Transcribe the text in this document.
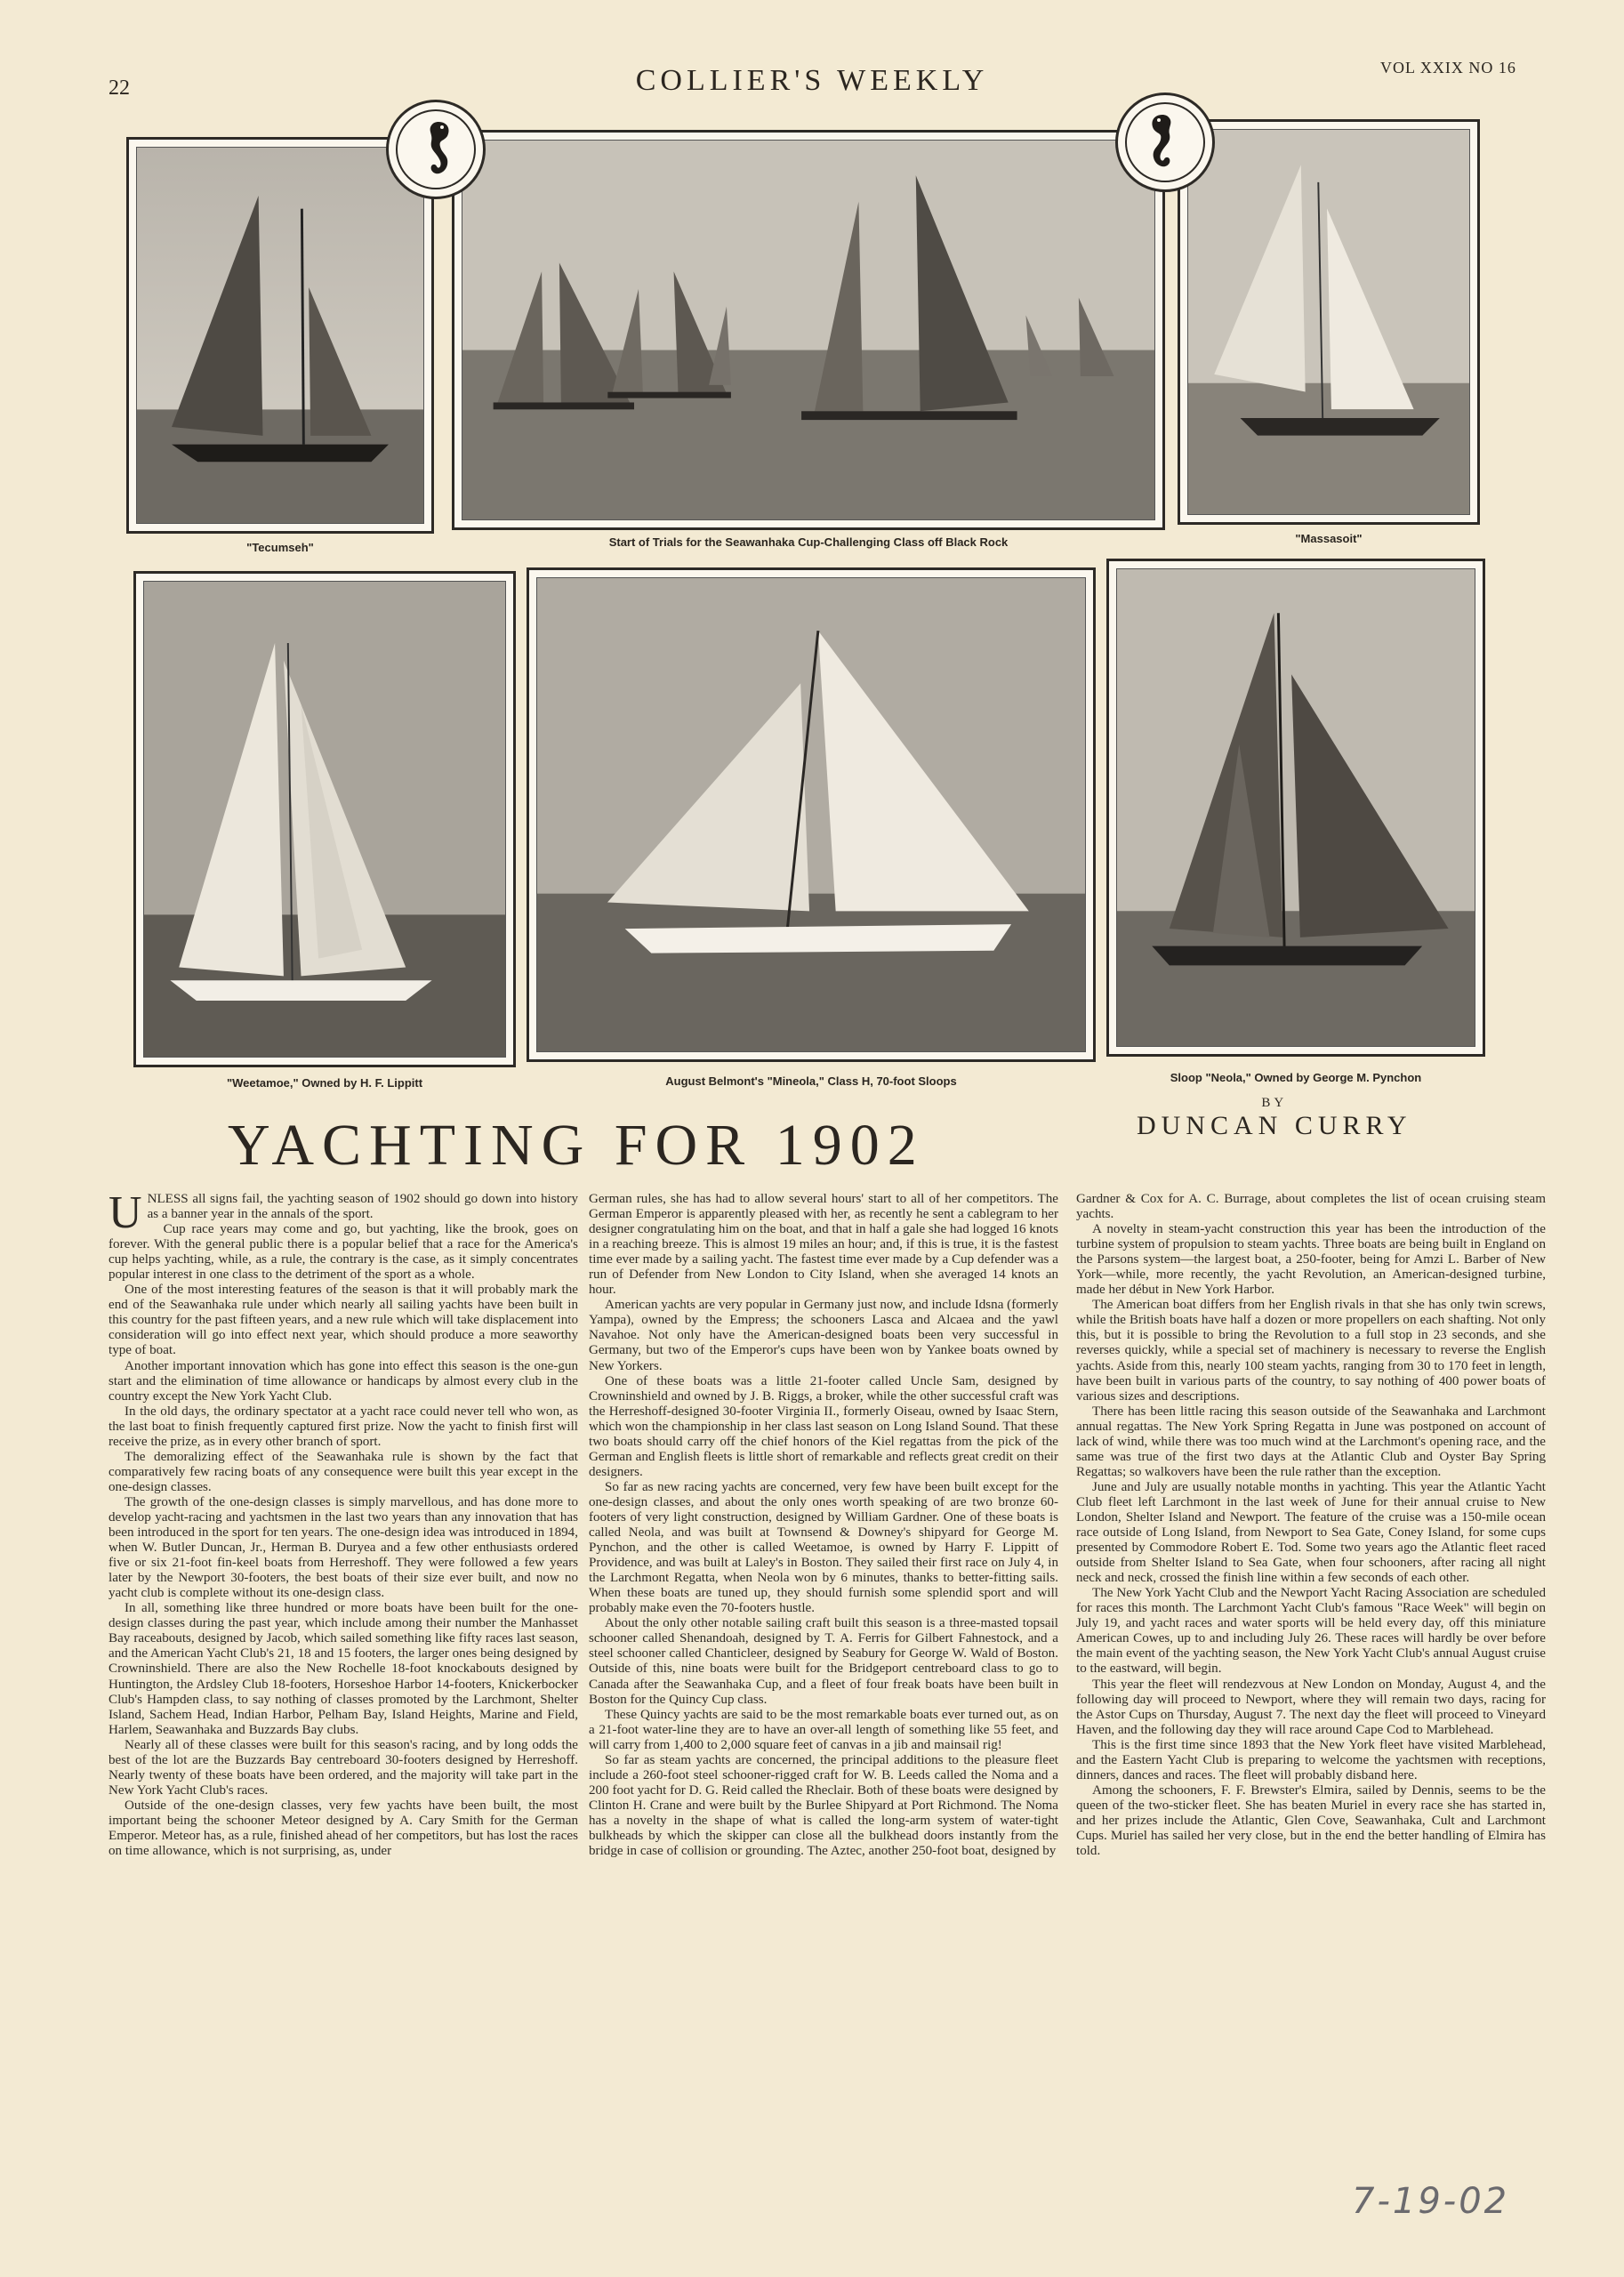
22	COLLIER'S WEEKLY	VOL XXIX NO 16
"Tecumseh"	Start of Trials for the Seawanhaka Cup-Challenging Class off Black Rock	"Massasoit"
"Weetamoe," Owned by H. F. Lippitt	August Belmont's "Mineola," Class H, 70-foot Sloops	Sloop "Neola," Owned by George M. Pynchon
YACHTING FOR 1902
BY
DUNCAN CURRY

UNLESS all signs fail, the yachting season of 1902 should go down into history as a banner year in the annals of the sport.

Cup race years may come and go, but yachting, like the brook, goes on forever. With the general public there is a popular belief that a race for the America's cup helps yachting, while, as a rule, the contrary is the case, as it simply concentrates popular interest in one class to the detriment of the sport as a whole.

One of the most interesting features of the season is that it will probably mark the end of the Seawanhaka rule under which nearly all sailing yachts have been built in this country for the past fifteen years, and a new rule which will take displacement into consideration will go into effect next year, which should produce a more seaworthy type of boat.

Another important innovation which has gone into effect this season is the one-gun start and the elimination of time allowance or handicaps by almost every club in the country except the New York Yacht Club.

In the old days, the ordinary spectator at a yacht race could never tell who won, as the last boat to finish frequently captured first prize. Now the yacht to finish first will receive the prize, as in every other branch of sport.

The demoralizing effect of the Seawanhaka rule is shown by the fact that comparatively few racing boats of any consequence were built this year except in the one-design classes.

The growth of the one-design classes is simply marvellous, and has done more to develop yacht-racing and yachtsmen in the last two years than any innovation that has been introduced in the sport for ten years. The one-design idea was introduced in 1894, when W. Butler Duncan, Jr., Herman B. Duryea and a few other enthusiasts ordered five or six 21-foot fin-keel boats from Herreshoff. They were followed a few years later by the Newport 30-footers, the best boats of their size ever built, and now no yacht club is complete without its one-design class.

In all, something like three hundred or more boats have been built for the one-design classes during the past year, which include among their number the Manhasset Bay raceabouts, designed by Jacob, which sailed something like fifty races last season, and the American Yacht Club's 21, 18 and 15 footers, the larger ones being designed by Crowninshield. There are also the New Rochelle 18-foot knockabouts designed by Huntington, the Ardsley Club 18-footers, Horseshoe Harbor 14-footers, Knickerbocker Club's Hampden class, to say nothing of classes promoted by the Larchmont, Shelter Island, Sachem Head, Indian Harbor, Pelham Bay, Island Heights, Marine and Field, Harlem, Seawanhaka and Buzzards Bay clubs.

Nearly all of these classes were built for this season's racing, and by long odds the best of the lot are the Buzzards Bay centreboard 30-footers designed by Herreshoff. Nearly twenty of these boats have been ordered, and the majority will take part in the New York Yacht Club's races.

Outside of the one-design classes, very few yachts have been built, the most important being the schooner Meteor designed by A. Cary Smith for the German Emperor. Meteor has, as a rule, finished ahead of her competitors, but has lost the races on time allowance, which is not surprising, as, under

German rules, she has had to allow several hours' start to all of her competitors. The German Emperor is apparently pleased with her, as recently he sent a cablegram to her designer congratulating him on the boat, and that in half a gale she had logged 16 knots in a reaching breeze. This is almost 19 miles an hour; and, if this is true, it is the fastest time ever made by a sailing yacht. The fastest time ever made by a Cup defender was a run of Defender from New London to City Island, when she averaged 14 knots an hour.

American yachts are very popular in Germany just now, and include Idsna (formerly Yampa), owned by the Empress; the schooners Lasca and Alcaea and the yawl Navahoe. Not only have the American-designed boats been very successful in Germany, but two of the Emperor's cups have been won by Yankee boats owned by New Yorkers.

One of these boats was a little 21-footer called Uncle Sam, designed by Crowninshield and owned by J. B. Riggs, a broker, while the other successful craft was the Herreshoff-designed 30-footer Virginia II., formerly Oiseau, owned by Isaac Stern, which won the championship in her class last season on Long Island Sound. That these two boats should carry off the chief honors of the Kiel regattas from the pick of the German and English fleets is little short of remarkable and reflects great credit on their designers.

So far as new racing yachts are concerned, very few have been built except for the one-design classes, and about the only ones worth speaking of are two bronze 60-footers of very light construction, designed by William Gardner. One of these boats is called Neola, and was built at Townsend & Downey's shipyard for George M. Pynchon, and the other is called Weetamoe, is owned by Harry F. Lippitt of Providence, and was built at Laley's in Boston. They sailed their first race on July 4, in the Larchmont Regatta, when Neola won by 6 minutes, thanks to better-fitting sails. When these boats are tuned up, they should furnish some splendid sport and will probably make even the 70-footers hustle.

About the only other notable sailing craft built this season is a three-masted topsail schooner called Shenandoah, designed by T. A. Ferris for Gilbert Fahnestock, and a steel schooner called Chanticleer, designed by Seabury for George W. Wald of Boston. Outside of this, nine boats were built for the Bridgeport centreboard class to go to Canada after the Seawanhaka Cup, and a fleet of four freak boats have been built in Boston for the Quincy Cup class.

These Quincy yachts are said to be the most remarkable boats ever turned out, as on a 21-foot water-line they are to have an over-all length of something like 55 feet, and will carry from 1,400 to 2,000 square feet of canvas in a jib and mainsail rig!

So far as steam yachts are concerned, the principal additions to the pleasure fleet include a 260-foot steel schooner-rigged craft for W. B. Leeds called the Noma and a 200 foot yacht for D. G. Reid called the Rheclair. Both of these boats were designed by Clinton H. Crane and were built by the Burlee Shipyard at Port Richmond. The Noma has a novelty in the shape of what is called the long-arm system of water-tight bulkheads by which the skipper can close all the bulkhead doors instantly from the bridge in case of collision or grounding. The Aztec, another 250-foot boat, designed by

Gardner & Cox for A. C. Burrage, about completes the list of ocean cruising steam yachts.

A novelty in steam-yacht construction this year has been the introduction of the turbine system of propulsion to steam yachts. Three boats are being built in England on the Parsons system—the largest boat, a 250-footer, being for Amzi L. Barber of New York—while, more recently, the yacht Revolution, an American-designed turbine, made her début in New York Harbor.

The American boat differs from her English rivals in that she has only twin screws, while the British boats have half a dozen or more propellers on each shafting. Not only this, but it is possible to bring the Revolution to a full stop in 23 seconds, and she reverses quickly, while a special set of machinery is necessary to reverse the English yachts. Aside from this, nearly 100 steam yachts, ranging from 30 to 170 feet in length, have been built in various parts of the country, to say nothing of 400 power boats of various sizes and descriptions.

There has been little racing this season outside of the Seawanhaka and Larchmont annual regattas. The New York Spring Regatta in June was postponed on account of lack of wind, while there was too much wind at the Larchmont's opening race, and the same was true of the first two days at the Atlantic Club and Oyster Bay Spring Regattas; so walkovers have been the rule rather than the exception.

June and July are usually notable months in yachting. This year the Atlantic Yacht Club fleet left Larchmont in the last week of June for their annual cruise to New London, Shelter Island and Newport. The feature of the cruise was a 150-mile ocean race outside of Long Island, from Newport to Sea Gate, Coney Island, for some cups presented by Commodore Robert E. Tod. Some two years ago the Atlantic fleet raced outside from Shelter Island to Sea Gate, when four schooners, after racing all night neck and neck, crossed the finish line within a few seconds of each other.

The New York Yacht Club and the Newport Yacht Racing Association are scheduled for races this month. The Larchmont Yacht Club's famous "Race Week" will begin on July 19, and yacht races and water sports will be held every day, off this miniature American Cowes, up to and including July 26. These races will hardly be over before the main event of the yachting season, the New York Yacht Club's annual August cruise to the eastward, will begin.

This year the fleet will rendezvous at New London on Monday, August 4, and the following day will proceed to Newport, where they will remain two days, racing for the Astor Cups on Thursday, August 7. The next day the fleet will proceed to Vineyard Haven, and the following day they will race around Cape Cod to Marblehead.

This is the first time since 1893 that the New York fleet have visited Marblehead, and the Eastern Yacht Club is preparing to welcome the yachtsmen with receptions, dinners, dances and races. The fleet will probably disband here.

Among the schooners, F. F. Brewster's Elmira, sailed by Dennis, seems to be the queen of the two-sticker fleet. She has beaten Muriel in every race she has started in, and her prizes include the Atlantic, Glen Cove, Seawanhaka, Cult and Larchmont Cups. Muriel has sailed her very close, but in the end the better handling of Elmira has told.

7-19-02
